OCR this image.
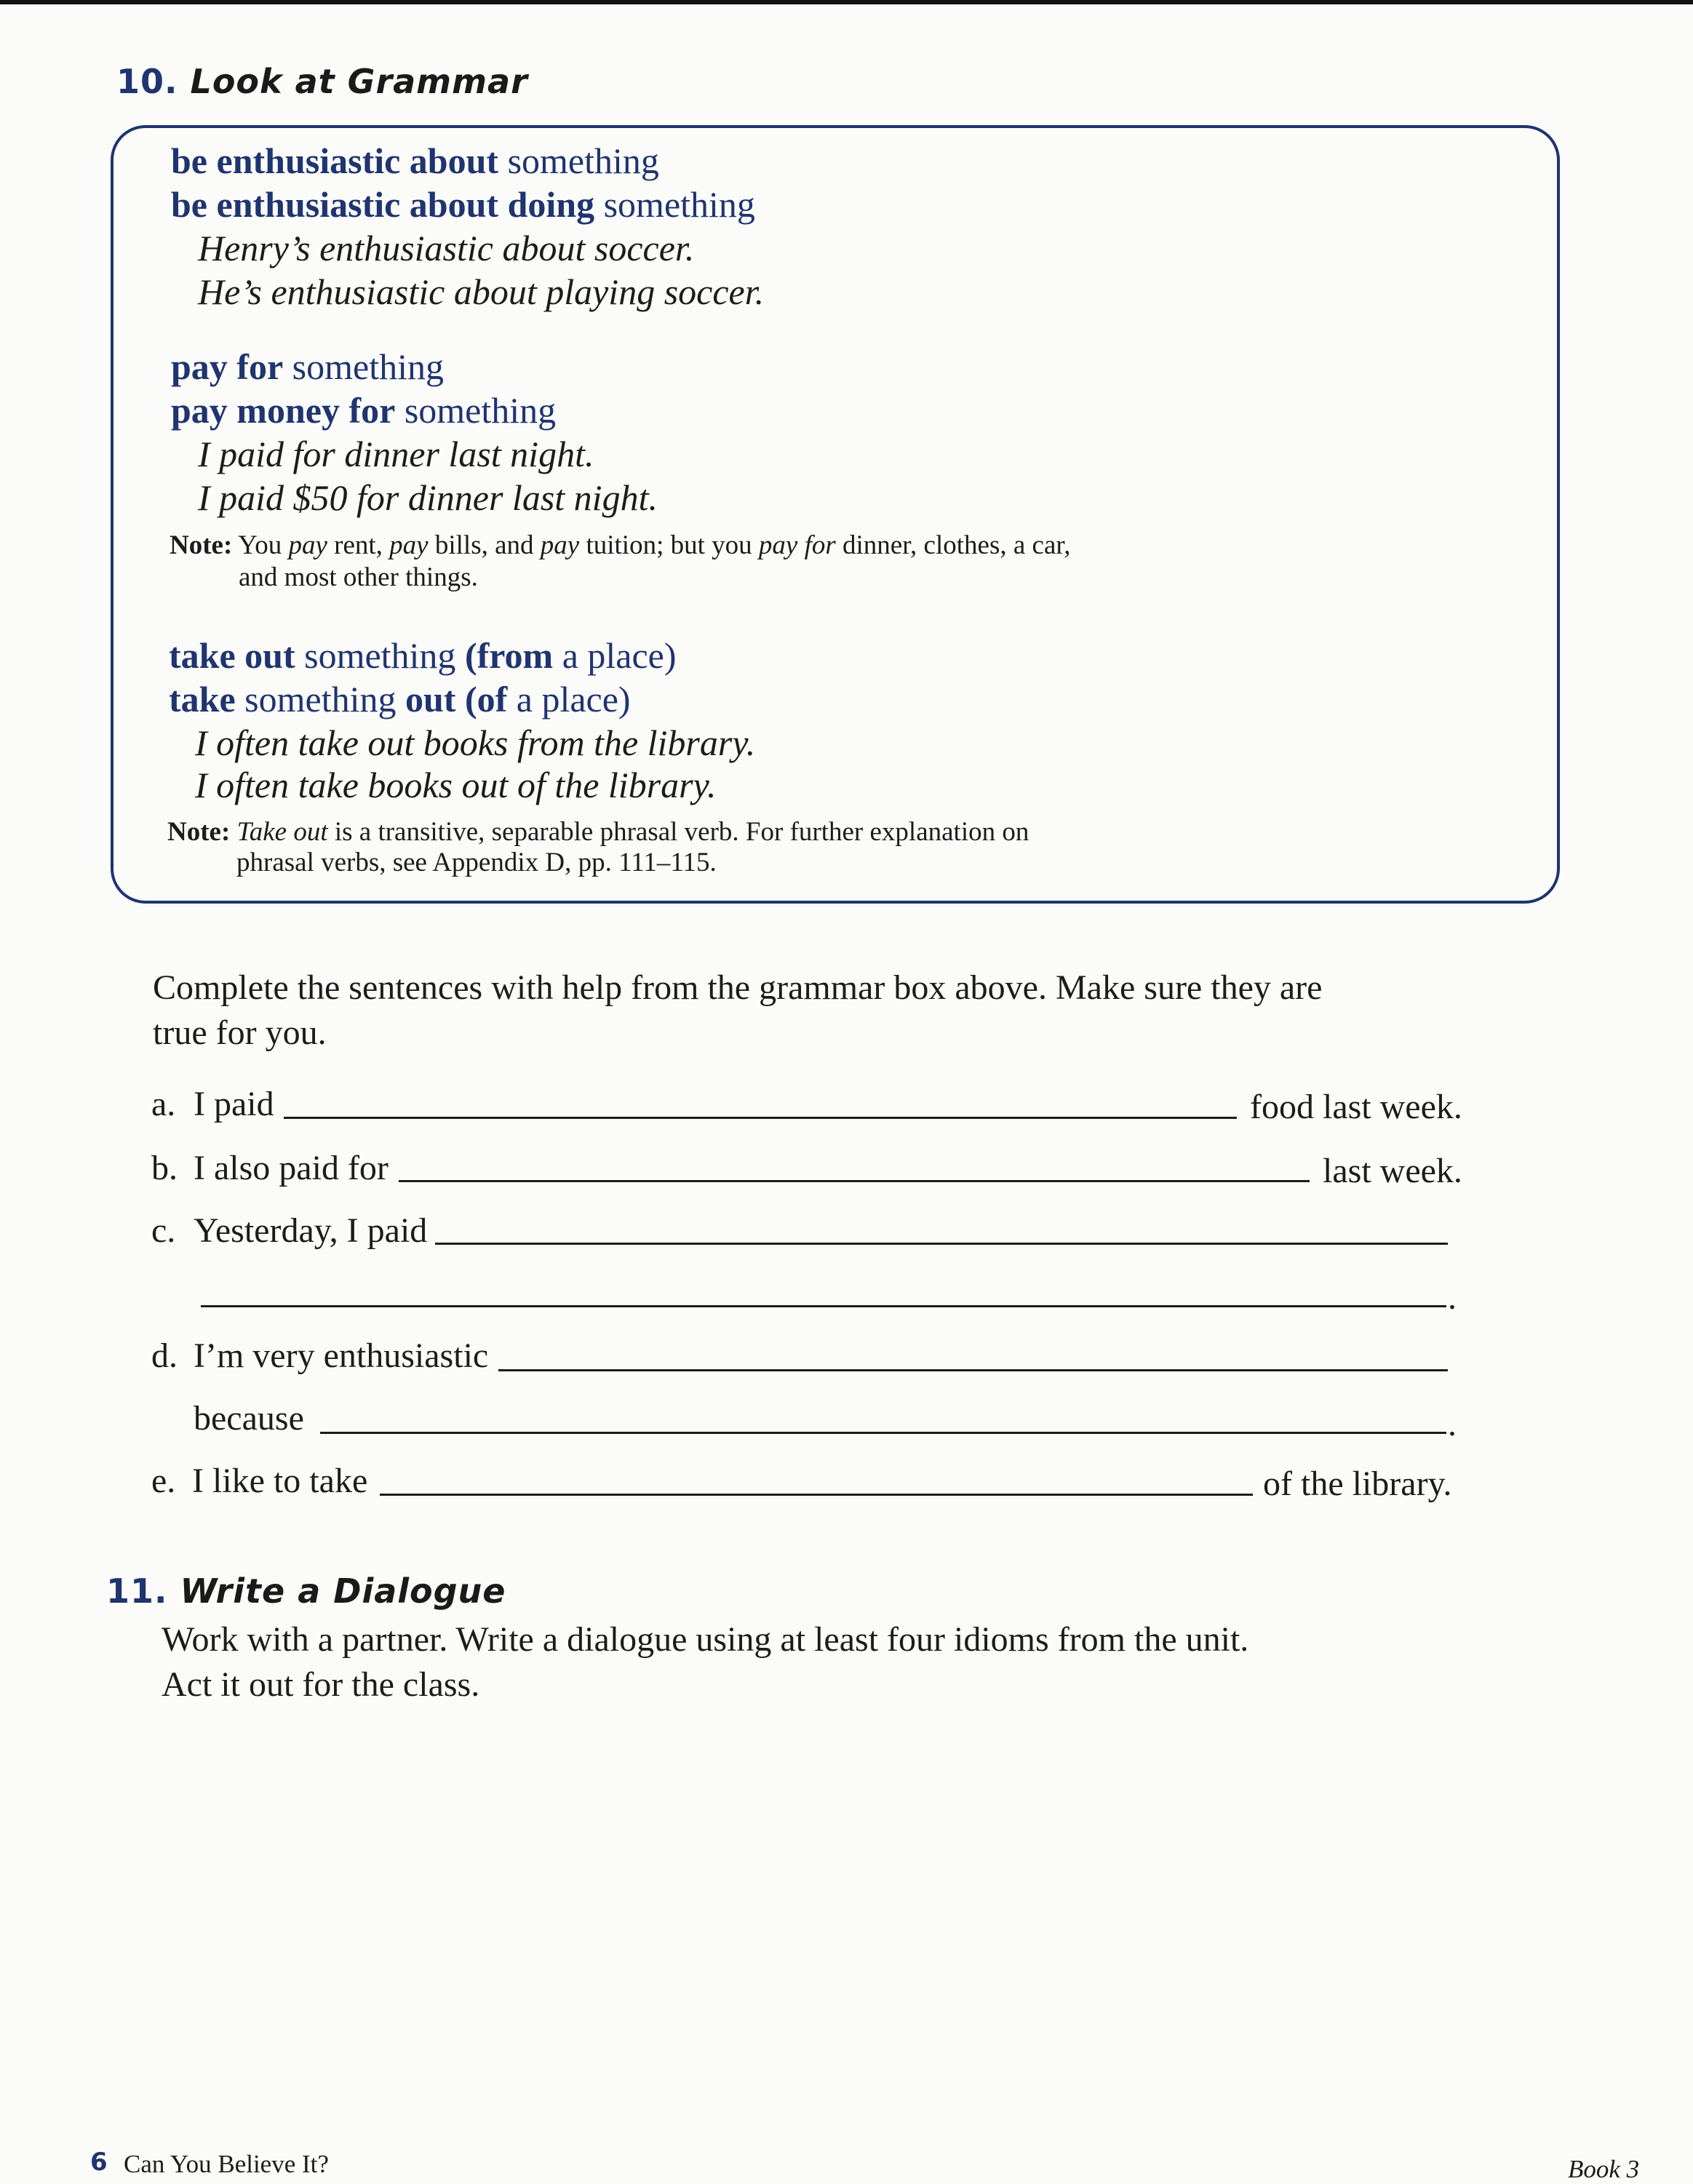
10. Look at Grammar
be enthusiastic about something
be enthusiastic about doing something
Henry’s enthusiastic about soccer.
He’s enthusiastic about playing soccer.
pay for something
pay money for something
I paid for dinner last night.
I paid $50 for dinner last night.
Note: You pay rent, pay bills, and pay tuition; but you pay for dinner, clothes, a car,
and most other things.
take out something (from a place)
take something out (of a place)
I often take out books from the library.
I often take books out of the library.
Note: Take out is a transitive, separable phrasal verb. For further explanation on
phrasal verbs, see Appendix D, pp. 111–115.
Complete the sentences with help from the grammar box above. Make sure they are
true for you.
a. I paid	food last week.
b. I also paid for	last week.
c. Yesterday, I paid
.
d. I’m very enthusiastic
because	.
e. I like to take	of the library.
11. Write a Dialogue
Work with a partner. Write a dialogue using at least four idioms from the unit.
Act it out for the class.
6 Can You Believe It?	Book 3
